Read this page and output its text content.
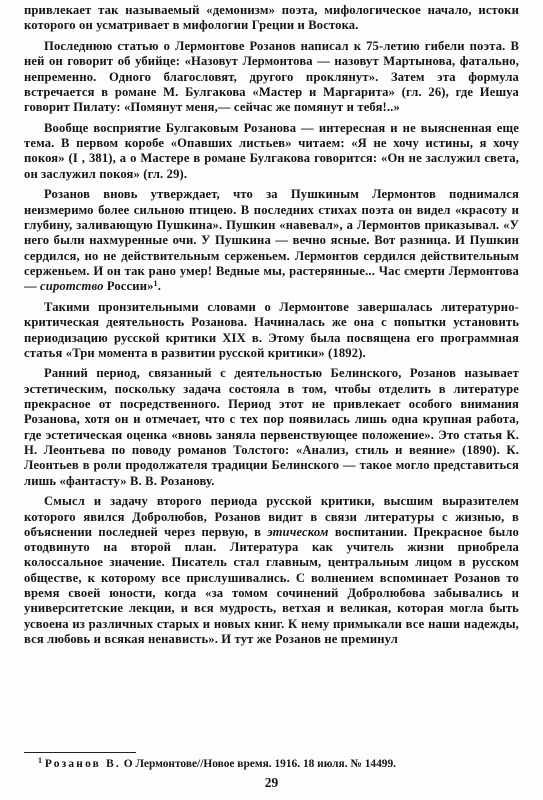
привлекает так называемый «демонизм» поэта, мифологическое начало, истоки которого он усматривает в мифологии Греции и Востока.

Последнюю статью о Лермонтове Розанов написал к 75-летию гибели поэта. В ней он говорит об убийце: «Назовут Лермонтова — назовут Мартынова, фатально, непременно. Одного благословят, другого проклянут». Затем эта формула встречается в романе М. Булгакова «Мастер и Маргарита» (гл. 26), где Иешуа говорит Пилату: «Помянут меня,— сейчас же помянут и тебя!..»

Вообще восприятие Булгаковым Розанова — интересная и не выясненная еще тема. В первом коробе «Опавших листьев» читаем: «Я не хочу истины, я хочу покоя» (I , 381), а о Мастере в романе Булгакова говорится: «Он не заслужил света, он заслужил покоя» (гл. 29).

Розанов вновь утверждает, что за Пушкиным Лермонтов поднимался неизмеримо более сильною птицею. В последних стихах поэта он видел «красоту и глубину, заливающую Пушкина». Пушкин «навевал», а Лермонтов приказывал. «У него были нахмуренные очи. У Пушкина — вечно ясные. Вот разница. И Пушкин сердился, но не действительным серженьем. Лермонтов сердился действительным серженьем. И он так рано умер! Ведные мы, растерянные... Час смерти Лермонтова — сиротство России»$^1$.

Такими пронзительными словами о Лермонтове завершалась литературно-критическая деятельность Розанова. Начиналась же она с попытки установить периодизацию русской критики XIX в. Этому была посвящена его программная статья «Три момента в развитии русской критики» (1892).

Ранний период, связанный с деятельностью Белинского, Розанов называет эстетическим, поскольку задача состояла в том, чтобы отделить в литературе прекрасное от посредственного. Период этот не привлекает особого внимания Розанова, хотя он и отмечает, что с тех пор появилась лишь одна крупная работа, где эстетическая оценка «вновь заняла первенствующее положение». Это статья К. Н. Леонтьева по поводу романов Толстого: «Анализ, стиль и веяние» (1890). К. Леонтьев в роли продолжателя традиции Белинского — такое могло представиться лишь «фантасту» В. В. Розанову.

Смысл и задачу второго периода русской критики, высшим выразителем которого явился Добролюбов, Розанов видит в связи литературы с жизнью, в объяснении последней через первую, в этическом воспитании. Прекрасное было отодвинуто на второй план. Литература как учитель жизни приобрела колоссальное значение. Писатель стал главным, центральным лицом в русском обществе, к которому все прислушивались. С волнением вспоминает Розанов то время своей юности, когда «за томом сочинений Добролюбова забывались и университетские лекции, и вся мудрость, ветхая и великая, которая могла быть усвоена из различных старых и новых книг. К нему примыкали все наши надежды, вся любовь и всякая ненависть». И тут же Розанов не преминул

$^1$ Розанов В. О Лермонтове//Новое время. 1916. 18 июля. № 14499.
29
